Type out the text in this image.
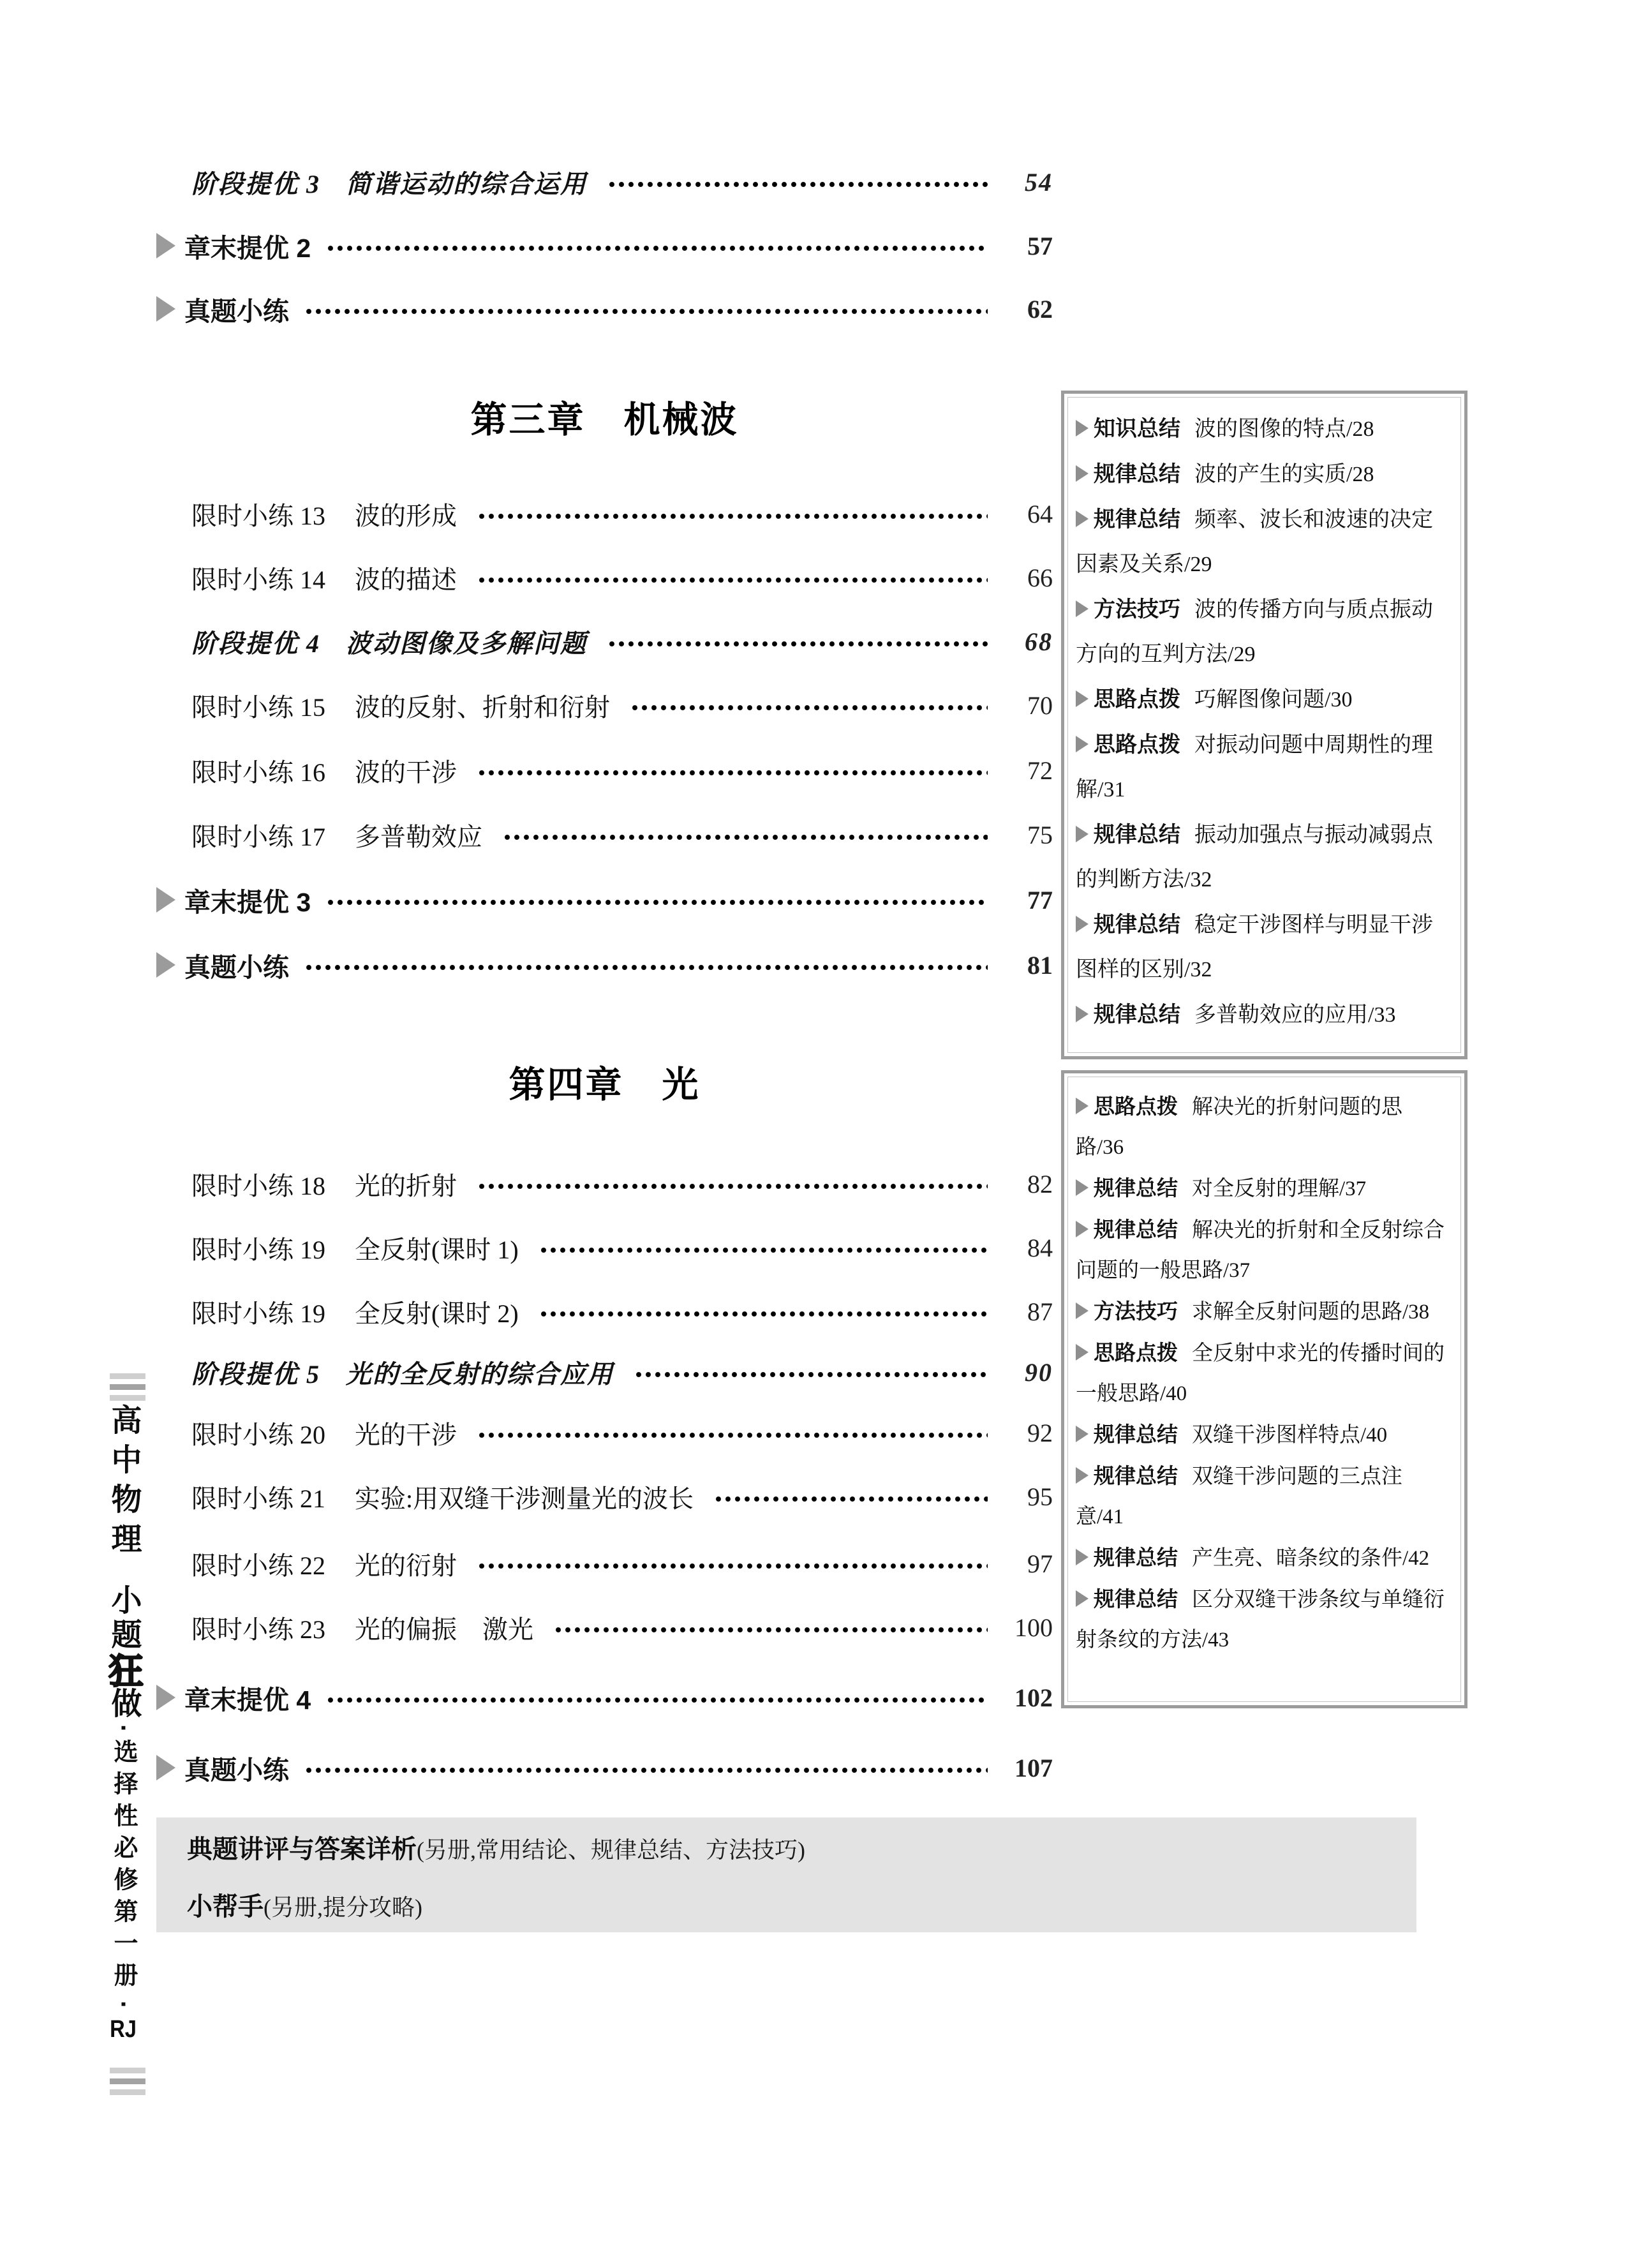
阶段提优 3 简谐运动的综合运用	54
章末提优 2	57
真题小练	62
第三章　机械波
限时小练 13 波的形成	64
限时小练 14 波的描述	66
阶段提优 4 波动图像及多解问题	68
限时小练 15 波的反射、折射和衍射	70
限时小练 16 波的干涉	72
限时小练 17 多普勒效应	75
章末提优 3	77
真题小练	81
第四章　光
限时小练 18 光的折射	82
限时小练 19 全反射(课时 1)	84
限时小练 19 全反射(课时 2)	87
阶段提优 5 光的全反射的综合应用	90
限时小练 20 光的干涉	92
限时小练 21 实验:用双缝干涉测量光的波长	95
限时小练 22 光的衍射	97
限时小练 23 光的偏振　激光	100
章末提优 4	102
真题小练	107
知识总结 波的图像的特点/28
规律总结 波的产生的实质/28
规律总结 频率、波长和波速的决定因素及关系/29
方法技巧 波的传播方向与质点振动方向的互判方法/29
思路点拨 巧解图像问题/30
思路点拨 对振动问题中周期性的理解/31
规律总结 振动加强点与振动减弱点的判断方法/32
规律总结 稳定干涉图样与明显干涉图样的区别/32
规律总结 多普勒效应的应用/33
思路点拨 解决光的折射问题的思路/36
规律总结 对全反射的理解/37
规律总结 解决光的折射和全反射综合问题的一般思路/37
方法技巧 求解全反射问题的思路/38
思路点拨 全反射中求光的传播时间的一般思路/40
规律总结 双缝干涉图样特点/40
规律总结 双缝干涉问题的三点注意/41
规律总结 产生亮、暗条纹的条件/42
规律总结 区分双缝干涉条纹与单缝衍射条纹的方法/43
典题讲评与答案详析(另册,常用结论、规律总结、方法技巧)
小帮手(另册,提分攻略)
高中物理小题狂做·选择性必修第一册·RJ
